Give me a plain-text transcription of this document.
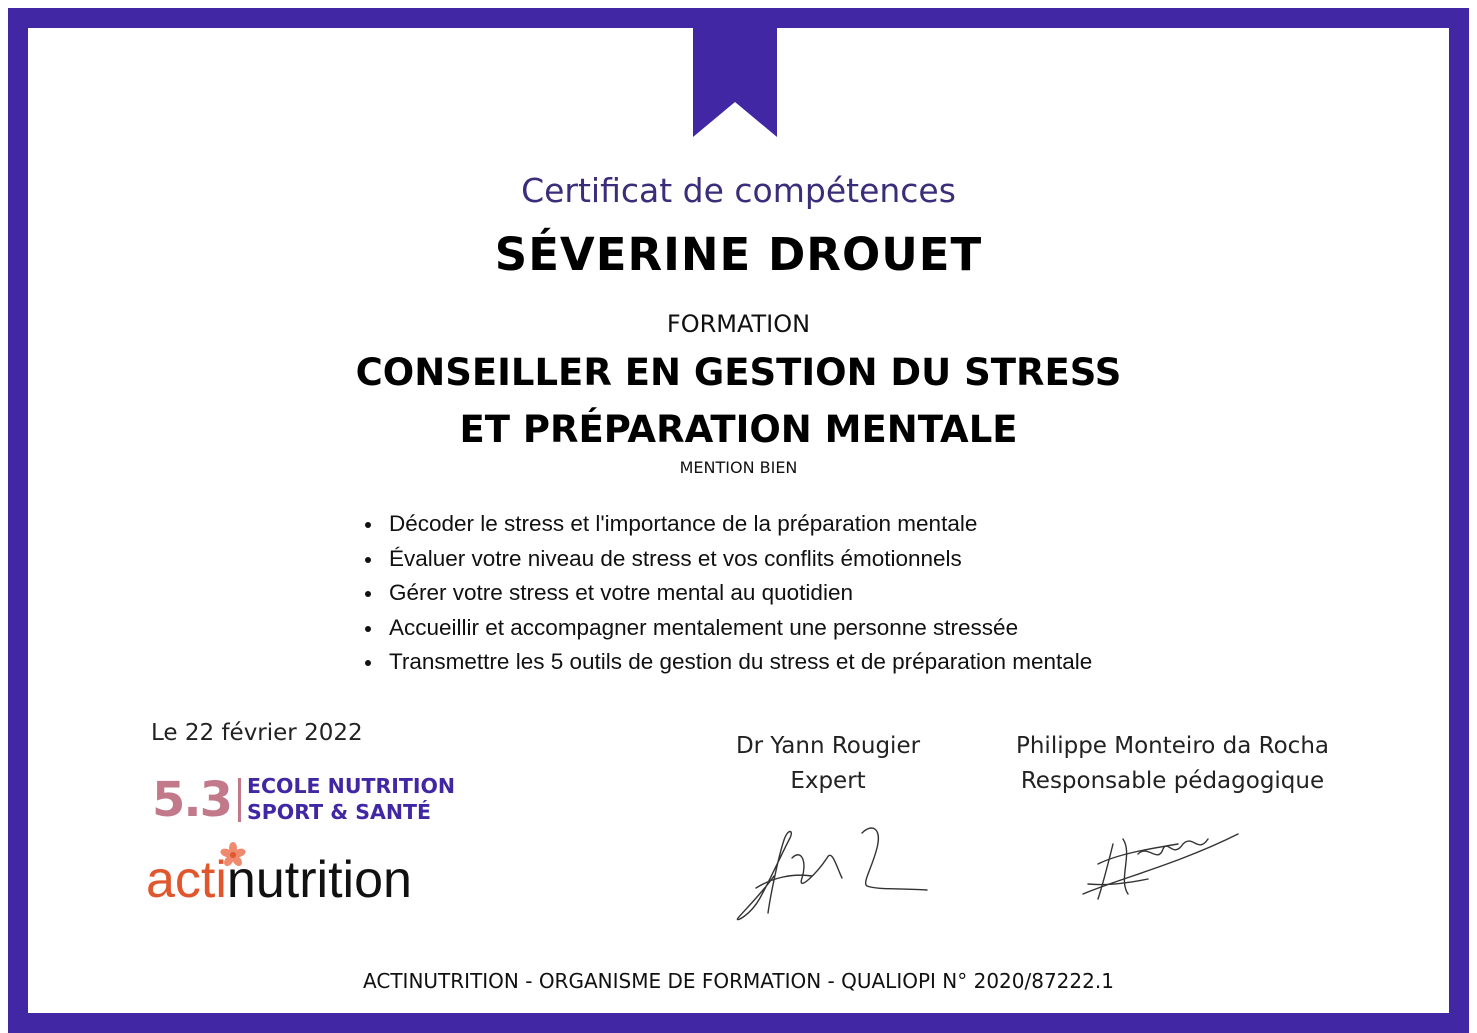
Certificat de compétences
SÉVERINE DROUET
FORMATION
CONSEILLER EN GESTION DU STRESS
ET PRÉPARATION MENTALE
MENTION BIEN
Décoder le stress et l'importance de la préparation mentale
Évaluer votre niveau de stress et vos conflits émotionnels
Gérer votre stress et votre mental au quotidien
Accueillir et accompagner mentalement une personne stressée
Transmettre les 5 outils de gestion du stress et de préparation mentale
Le 22 février 2022
5.3 ECOLE NUTRITION
SPORT & SANTÉ
actinutrition
Dr Yann Rougier
Expert
Philippe Monteiro da Rocha
Responsable pédagogique
ACTINUTRITION - ORGANISME DE FORMATION - QUALIOPI N° 2020/87222.1
